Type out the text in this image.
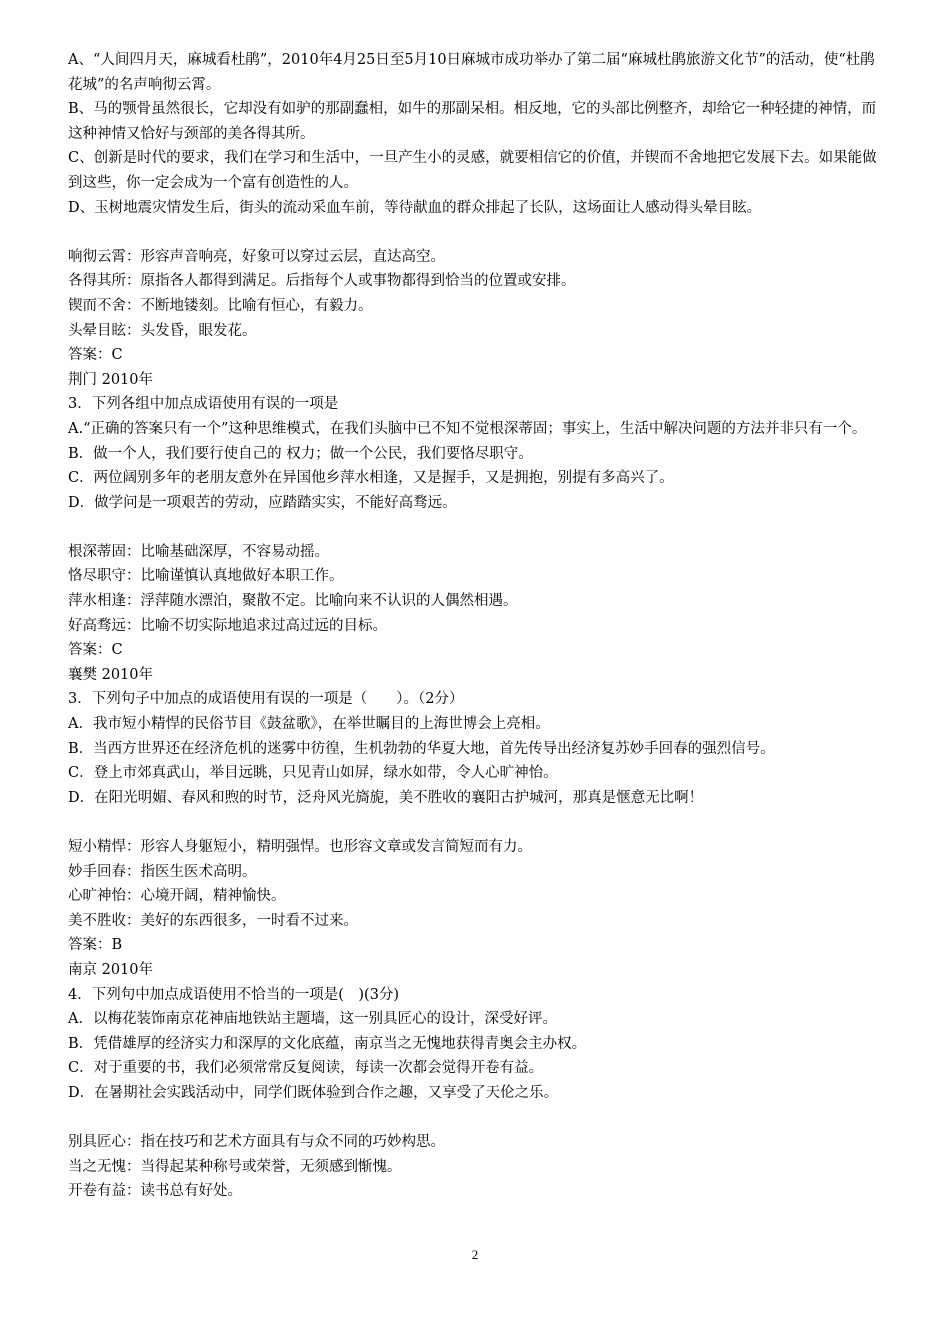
A、“人间四月天，麻城看杜鹃”，2010年4月25日至5月10日麻城市成功举办了第二届“麻城杜鹃旅游文化节”的活动，使“杜鹃花城”的名声响彻云霄。

B、马的颚骨虽然很长，它却没有如驴的那副蠢相，如牛的那副呆相。相反地，它的头部比例整齐，却给它一种轻捷的神情，而这种神情又恰好与颈部的美各得其所。

C、创新是时代的要求，我们在学习和生活中，一旦产生小的灵感，就要相信它的价值，并锲而不舍地把它发展下去。如果能做到这些，你一定会成为一个富有创造性的人。

D、玉树地震灾情发生后，街头的流动采血车前，等待献血的群众排起了长队，这场面让人感动得头晕目眩。

响彻云霄：形容声音响亮，好象可以穿过云层，直达高空。

各得其所：原指各人都得到满足。后指每个人或事物都得到恰当的位置或安排。

锲而不舍：不断地镂刻。比喻有恒心，有毅力。

头晕目眩：头发昏，眼发花。

答案：C

荆门 2010年

3．下列各组中加点成语使用有误的一项是

A.“正确的答案只有一个”这种思维模式，在我们头脑中已不知不觉根深蒂固；事实上，生活中解决问题的方法并非只有一个。

B．做一个人，我们要行使自己的 权力；做一个公民，我们要恪尽职守。

C．两位阔别多年的老朋友意外在异国他乡萍水相逢，又是握手，又是拥抱，别提有多高兴了。

D．做学问是一项艰苦的劳动，应踏踏实实，不能好高骛远。

根深蒂固：比喻基础深厚，不容易动摇。

恪尽职守：比喻谨慎认真地做好本职工作。

萍水相逢：浮萍随水漂泊，聚散不定。比喻向来不认识的人偶然相遇。

好高骛远：比喻不切实际地追求过高过远的目标。

答案：C

襄樊 2010年

3．下列句子中加点的成语使用有误的一项是（　　）。（2分）

A．我市短小精悍的民俗节目《鼓盆歌》，在举世瞩目的上海世博会上亮相。

B．当西方世界还在经济危机的迷雾中彷徨，生机勃勃的华夏大地，首先传导出经济复苏妙手回春的强烈信号。

C．登上市郊真武山，举目远眺，只见青山如屏，绿水如带，令人心旷神怡。

D．在阳光明媚、春风和煦的时节，泛舟风光旖旎，美不胜收的襄阳古护城河，那真是惬意无比啊！

短小精悍：形容人身躯短小，精明强悍。也形容文章或发言简短而有力。

妙手回春：指医生医术高明。

心旷神怡：心境开阔，精神愉快。

美不胜收：美好的东西很多，一时看不过来。

答案：B

南京 2010年

4．下列句中加点成语使用不恰当的一项是(　)(3分)

A．以梅花装饰南京花神庙地铁站主题墙，这一别具匠心的设计，深受好评。

B．凭借雄厚的经济实力和深厚的文化底蕴，南京当之无愧地获得青奥会主办权。

C．对于重要的书，我们必须常常反复阅读，每读一次都会觉得开卷有益。

D．在暑期社会实践活动中，同学们既体验到合作之趣，又享受了天伦之乐。

别具匠心：指在技巧和艺术方面具有与众不同的巧妙构思。

当之无愧：当得起某种称号或荣誉，无须感到惭愧。

开卷有益：读书总有好处。

2
